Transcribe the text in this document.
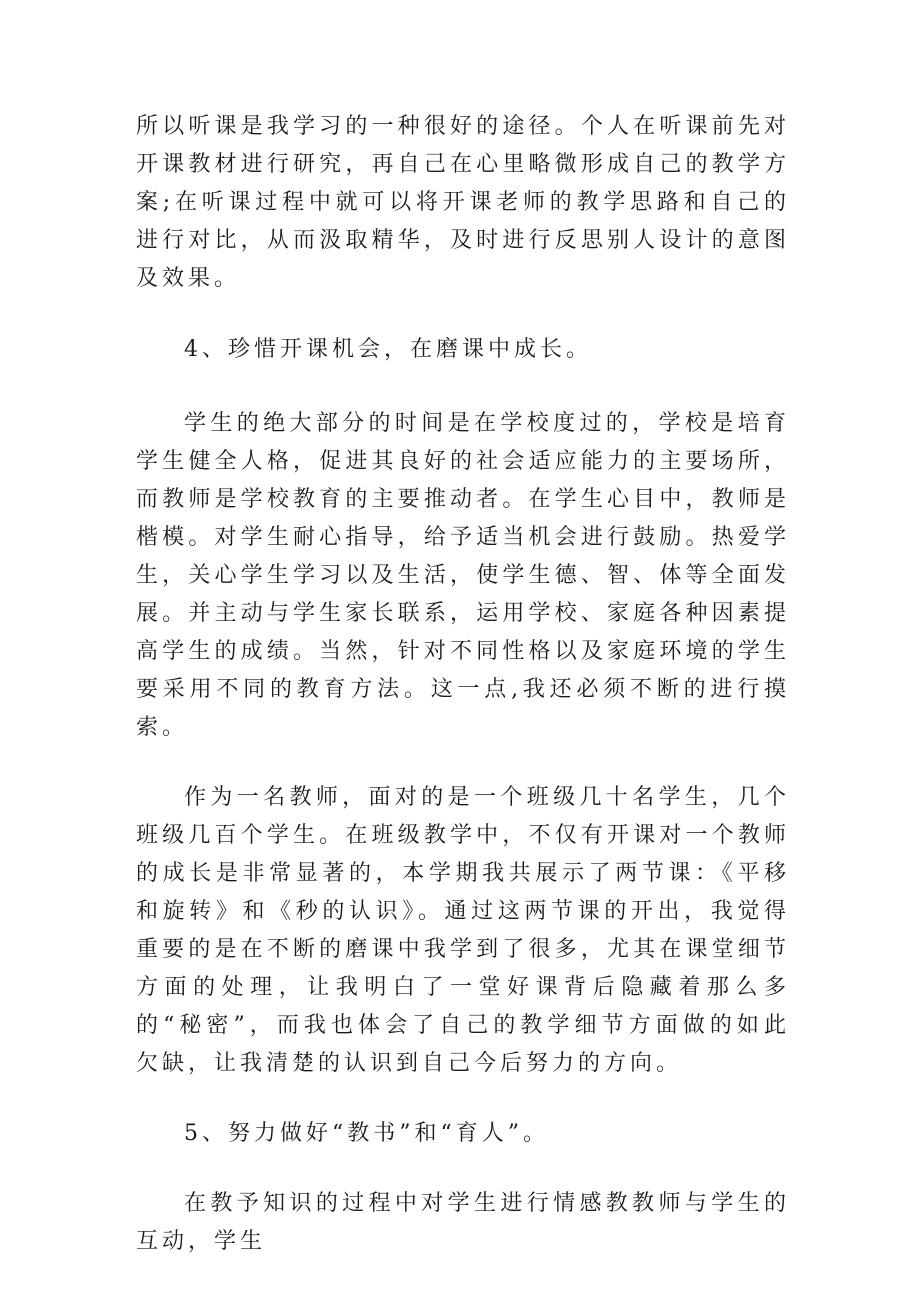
所以听课是我学习的一种很好的途径。个人在听课前先对开课教材进行研究，再自己在心里略微形成自己的教学方案;在听课过程中就可以将开课老师的教学思路和自己的进行对比，从而汲取精华，及时进行反思别人设计的意图及效果。

4、珍惜开课机会，在磨课中成长。

学生的绝大部分的时间是在学校度过的，学校是培育学生健全人格，促进其良好的社会适应能力的主要场所，而教师是学校教育的主要推动者。在学生心目中，教师是楷模。对学生耐心指导，给予适当机会进行鼓励。热爱学生，关心学生学习以及生活，使学生德、智、体等全面发展。并主动与学生家长联系，运用学校、家庭各种因素提高学生的成绩。当然，针对不同性格以及家庭环境的学生要采用不同的教育方法。这一点,我还必须不断的进行摸索。

作为一名教师，面对的是一个班级几十名学生，几个班级几百个学生。在班级教学中，不仅有开课对一个教师的成长是非常显著的，本学期我共展示了两节课：《平移和旋转》和《秒的认识》。通过这两节课的开出，我觉得重要的是在不断的磨课中我学到了很多，尤其在课堂细节方面的处理，让我明白了一堂好课背后隐藏着那么多的“秘密”，而我也体会了自己的教学细节方面做的如此欠缺，让我清楚的认识到自己今后努力的方向。

5、努力做好“教书”和“育人”。

在教予知识的过程中对学生进行情感教教师与学生的互动，学生
